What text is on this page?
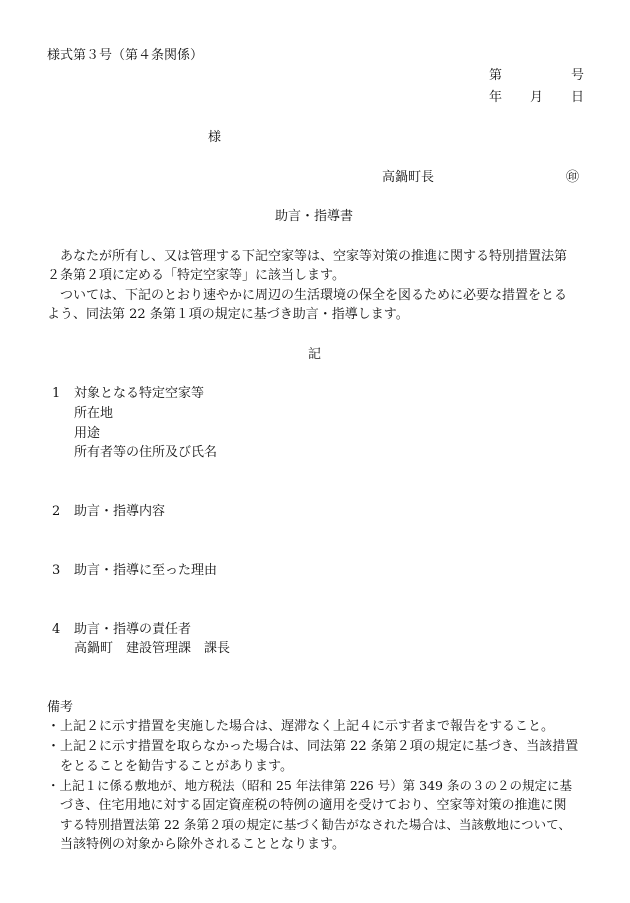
様式第３号（第４条関係）
第	号
年 月 日
様
高鍋町長	㊞
助言・指導書
あなたが所有し、又は管理する下記空家等は、空家等対策の推進に関する特別措置法第
２条第２項に定める「特定空家等」に該当します。
ついては、下記のとおり速やかに周辺の生活環境の保全を図るために必要な措置をとる
よう、同法第 22 条第１項の規定に基づき助言・指導します。
記
1 対象となる特定空家等
所在地
用途
所有者等の住所及び氏名
2 助言・指導内容
3 助言・指導に至った理由
4 助言・指導の責任者
高鍋町　建設管理課　課長
備考
・上記２に示す措置を実施した場合は、遅滞なく上記４に示す者まで報告をすること。
・上記２に示す措置を取らなかった場合は、同法第 22 条第２項の規定に基づき、当該措置
をとることを勧告することがあります。
・上記１に係る敷地が、地方税法（昭和 25 年法律第 226 号）第 349 条の３の２の規定に基
づき、住宅用地に対する固定資産税の特例の適用を受けており、空家等対策の推進に関
する特別措置法第 22 条第２項の規定に基づく勧告がなされた場合は、当該敷地について、
当該特例の対象から除外されることとなります。
